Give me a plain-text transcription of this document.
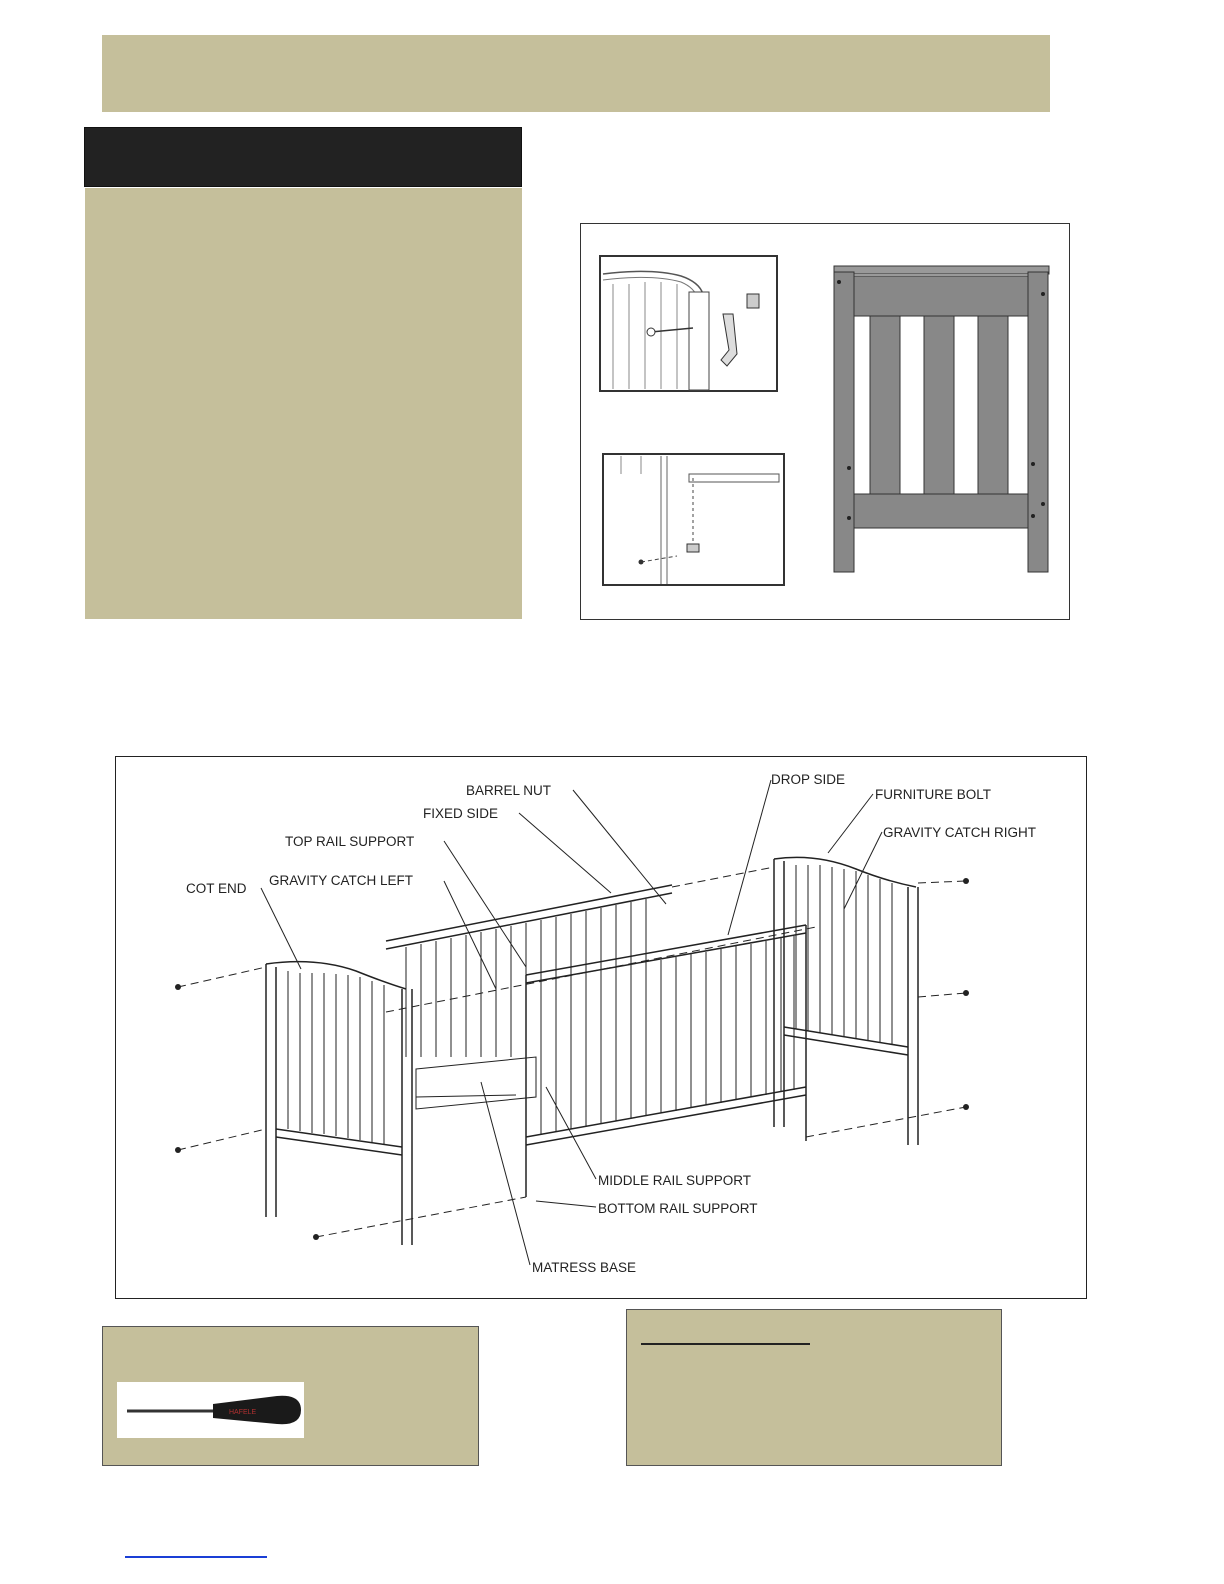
BARREL NUT
FIXED SIDE
TOP RAIL SUPPORT
GRAVITY CATCH LEFT
COT END
DROP SIDE
FURNITURE BOLT
GRAVITY CATCH RIGHT
MIDDLE RAIL SUPPORT
BOTTOM RAIL SUPPORT
MATRESS BASE
HAFELE
